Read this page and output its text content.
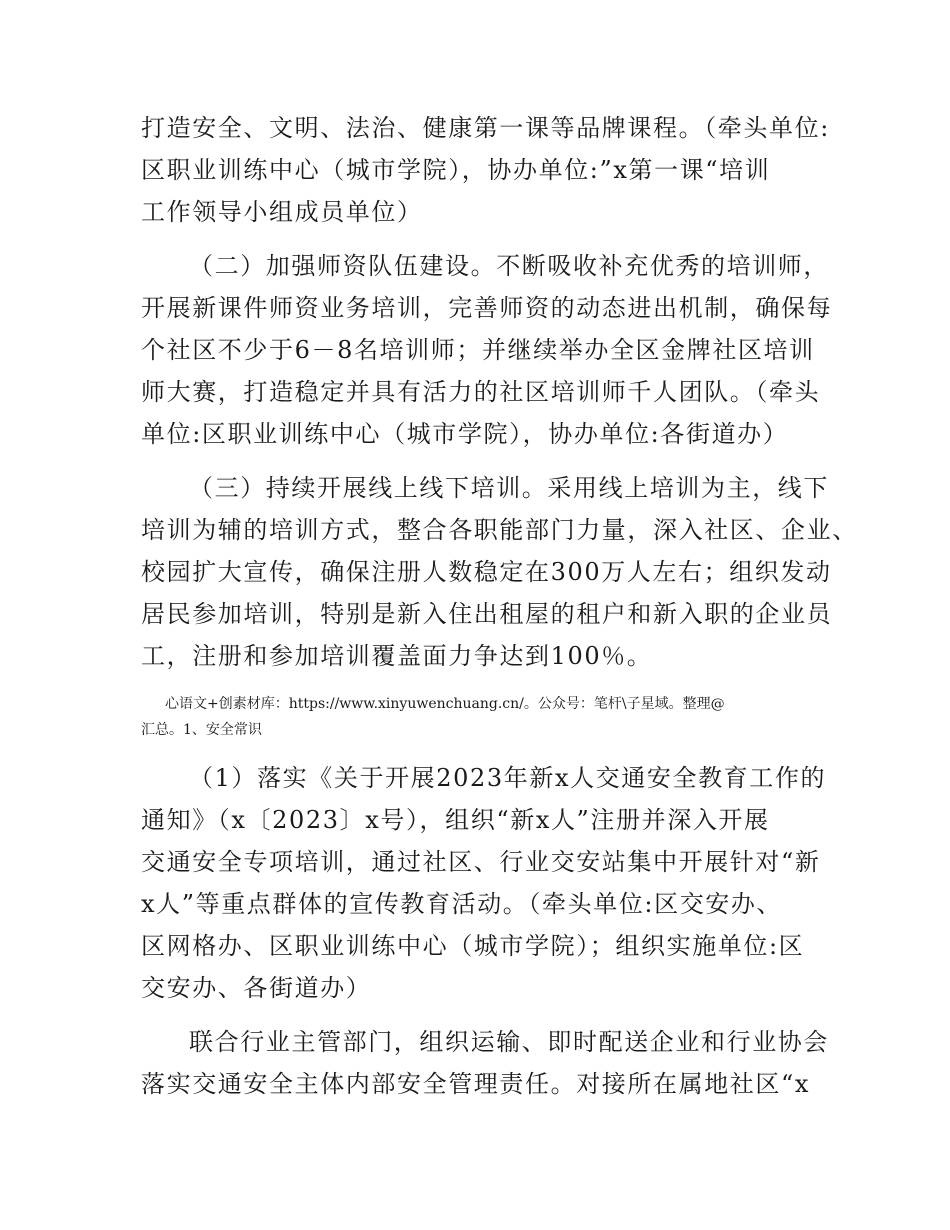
打造安全、文明、法治、健康第一课等品牌课程。（牵头单位:
区职业训练中心（城市学院），协办单位:”x第一课“培训
工作领导小组成员单位）
（二）加强师资队伍建设。不断吸收补充优秀的培训师，
开展新课件师资业务培训，完善师资的动态进出机制，确保每
个社区不少于6－8名培训师；并继续举办全区金牌社区培训
师大赛，打造稳定并具有活力的社区培训师千人团队。（牵头
单位:区职业训练中心（城市学院），协办单位:各街道办）
（三）持续开展线上线下培训。采用线上培训为主，线下
培训为辅的培训方式，整合各职能部门力量，深入社区、企业、
校园扩大宣传，确保注册人数稳定在300万人左右；组织发动
居民参加培训，特别是新入住出租屋的租户和新入职的企业员
工，注册和参加培训覆盖面力争达到100％。
心语文+创素材库：https://www.xinyuwenchuang.cn/。公众号：笔杆\子星域。整理@
汇总。1、安全常识
（1）落实《关于开展2023年新x人交通安全教育工作的
通知》（x〔2023〕x号），组织“新x人”注册并深入开展
交通安全专项培训，通过社区、行业交安站集中开展针对“新
x人”等重点群体的宣传教育活动。（牵头单位:区交安办、
区网格办、区职业训练中心（城市学院）；组织实施单位:区
交安办、各街道办）
联合行业主管部门，组织运输、即时配送企业和行业协会
落实交通安全主体内部安全管理责任。对接所在属地社区“x
